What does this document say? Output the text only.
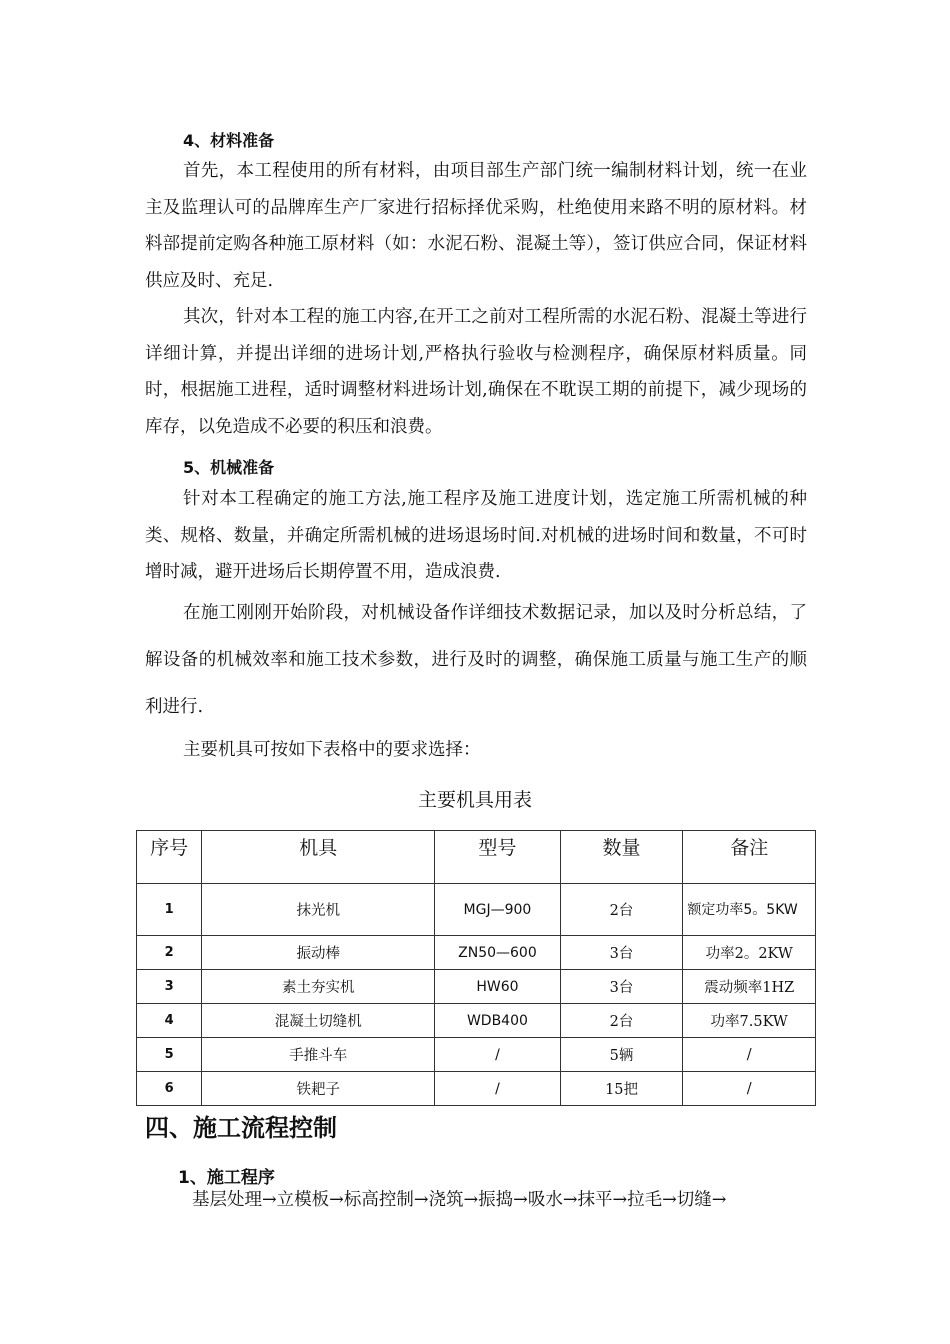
4、材料准备
首先，本工程使用的所有材料，由项目部生产部门统一编制材料计划，统一在业主及监理认可的品牌库生产厂家进行招标择优采购，杜绝使用来路不明的原材料。材料部提前定购各种施工原材料（如：水泥石粉、混凝土等），签订供应合同，保证材料供应及时、充足.
其次，针对本工程的施工内容,在开工之前对工程所需的水泥石粉、混凝土等进行详细计算，并提出详细的进场计划,严格执行验收与检测程序，确保原材料质量。同时，根据施工进程，适时调整材料进场计划,确保在不耽误工期的前提下，减少现场的库存，以免造成不必要的积压和浪费。
5、机械准备
针对本工程确定的施工方法,施工程序及施工进度计划，选定施工所需机械的种类、规格、数量，并确定所需机械的进场退场时间.对机械的进场时间和数量，不可时增时减，避开进场后长期停置不用，造成浪费.
在施工刚刚开始阶段，对机械设备作详细技术数据记录，加以及时分析总结，了解设备的机械效率和施工技术参数，进行及时的调整，确保施工质量与施工生产的顺利进行.
主要机具可按如下表格中的要求选择：
主要机具用表
序号	机具	型号	数量	备注
1	抹光机	MGJ—900	2台	额定功率5。5KW
2	振动棒	ZN50—600	3台	功率2。2KW
3	素土夯实机	HW60	3台	震动频率1HZ
4	混凝土切缝机	WDB400	2台	功率7.5KW
5	手推斗车	/	5辆	/
6	铁耙子	/	15把	/
四、施工流程控制
1、施工程序
基层处理→立模板→标高控制→浇筑→振捣→吸水→抹平→拉毛→切缝→
